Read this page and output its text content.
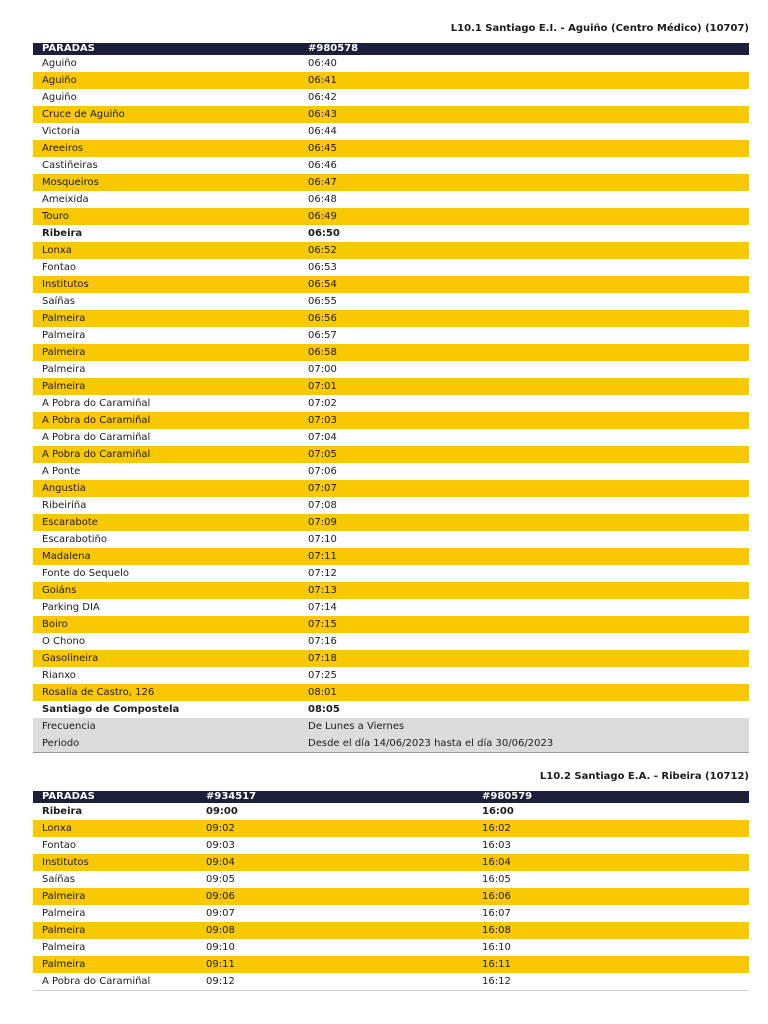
L10.1 Santiago E.I. - Aguiño (Centro Médico) (10707)
PARADAS	#980578
Aguiño	06:40
Aguiño	06:41
Aguiño	06:42
Cruce de Aguiño	06:43
Victoria	06:44
Areeiros	06:45
Castiñeiras	06:46
Mosqueiros	06:47
Ameixida	06:48
Touro	06:49
Ribeira	06:50
Lonxa	06:52
Fontao	06:53
Institutos	06:54
Saíñas	06:55
Palmeira	06:56
Palmeira	06:57
Palmeira	06:58
Palmeira	07:00
Palmeira	07:01
A Pobra do Caramiñal	07:02
A Pobra do Caramiñal	07:03
A Pobra do Caramiñal	07:04
A Pobra do Caramiñal	07:05
A Ponte	07:06
Angustia	07:07
Ribeiriña	07:08
Escarabote	07:09
Escarabotiño	07:10
Madalena	07:11
Fonte do Sequelo	07:12
Goiáns	07:13
Parking DIA	07:14
Boiro	07:15
O Chono	07:16
Gasolineira	07:18
Rianxo	07:25
Rosalía de Castro, 126	08:01
Santiago de Compostela	08:05
Frecuencia	De Lunes a Viernes
Periodo	Desde el día 14/06/2023 hasta el día 30/06/2023
L10.2 Santiago E.A. - Ribeira (10712)
PARADAS	#934517	#980579
Ribeira	09:00	16:00
Lonxa	09:02	16:02
Fontao	09:03	16:03
Institutos	09:04	16:04
Saíñas	09:05	16:05
Palmeira	09:06	16:06
Palmeira	09:07	16:07
Palmeira	09:08	16:08
Palmeira	09:10	16:10
Palmeira	09:11	16:11
A Pobra do Caramiñal	09:12	16:12
